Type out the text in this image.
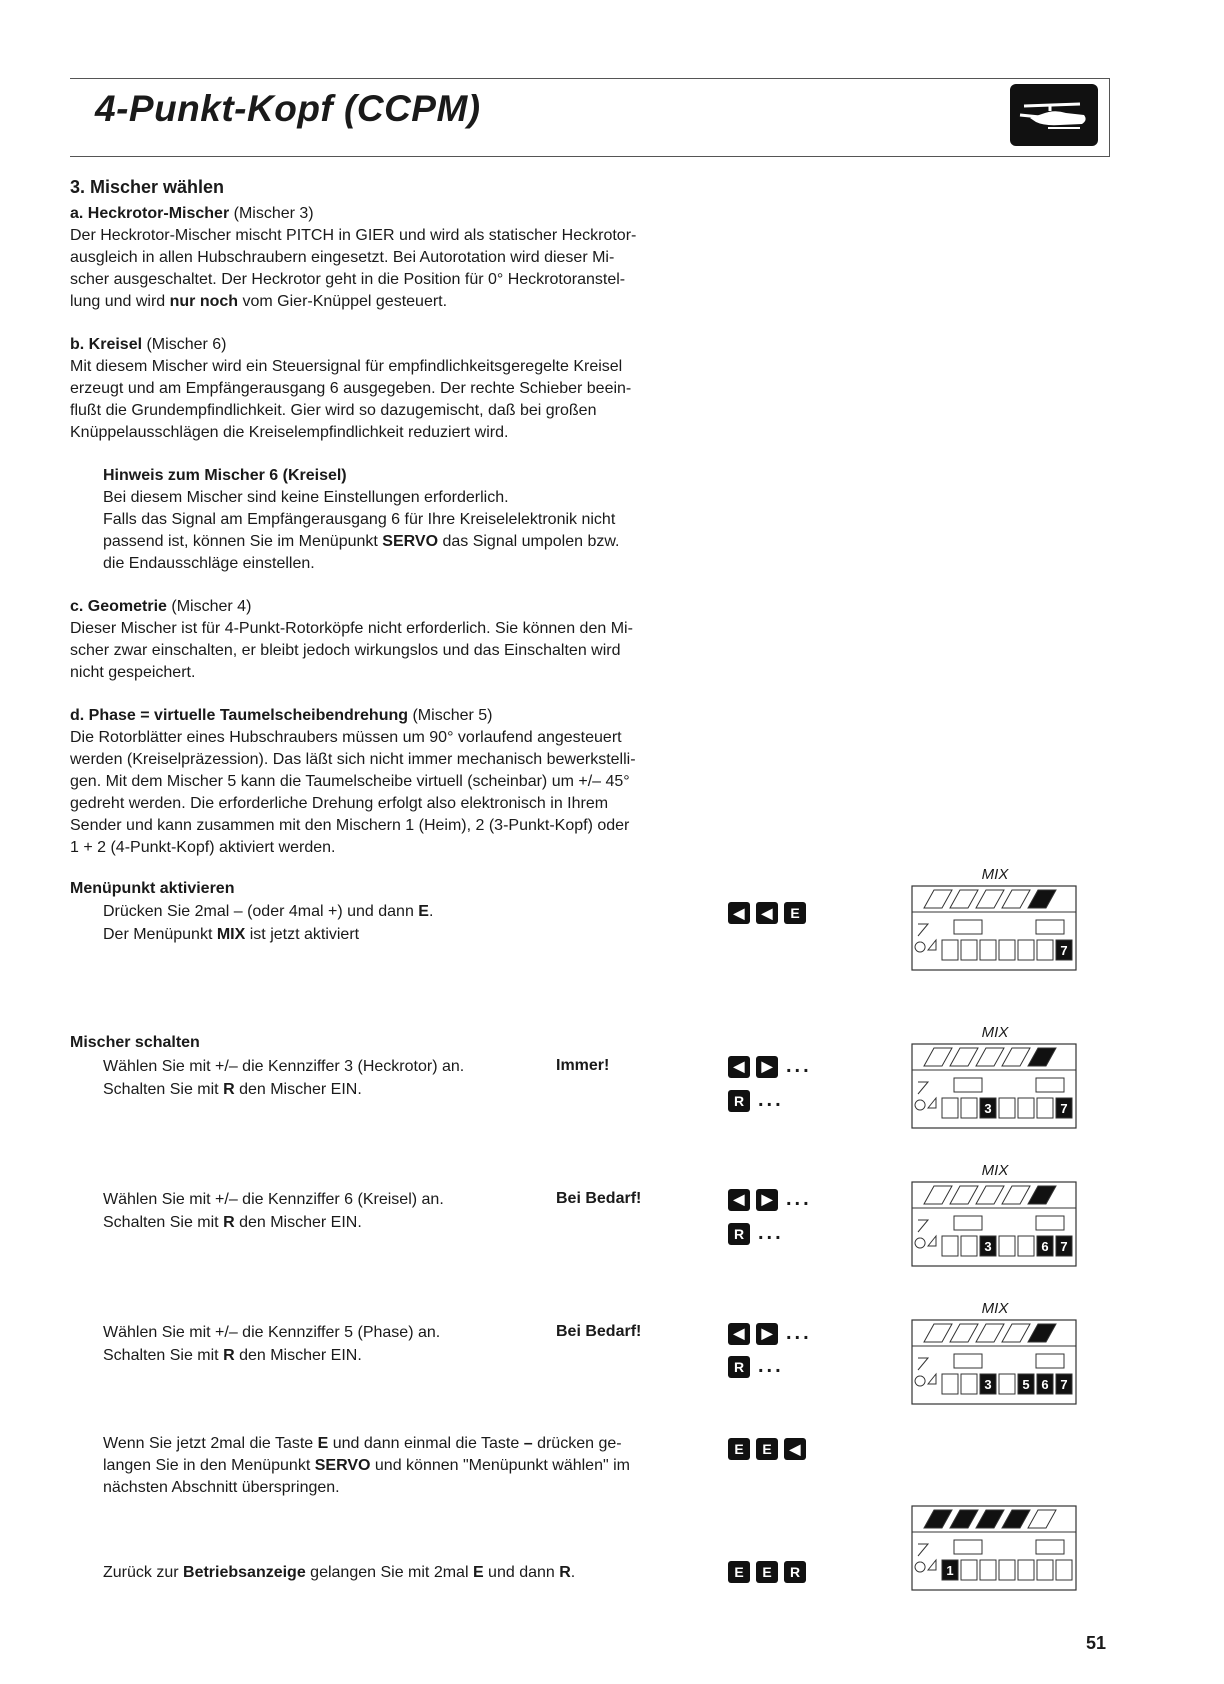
4-Punkt-Kopf (CCPM)
3. Mischer wählen

a. Heckrotor-Mischer (Mischer 3)

Der Heckrotor-Mischer mischt PITCH in GIER und wird als statischer Heckrotor-

ausgleich in allen Hubschraubern eingesetzt. Bei Autorotation wird dieser Mi-

scher ausgeschaltet. Der Heckrotor geht in die Position für 0° Heckrotoranstel-

lung und wird nur noch vom Gier-Knüppel gesteuert.

b. Kreisel (Mischer 6)

Mit diesem Mischer wird ein Steuersignal für empfindlichkeitsgeregelte Kreisel

erzeugt und am Empfängerausgang 6 ausgegeben. Der rechte Schieber beein-

flußt die Grundempfindlichkeit. Gier wird so dazugemischt, daß bei großen

Knüppelausschlägen die Kreiselempfindlichkeit reduziert wird.

Hinweis zum Mischer 6 (Kreisel)

Bei diesem Mischer sind keine Einstellungen erforderlich.

Falls das Signal am Empfängerausgang 6 für Ihre Kreiselelektronik nicht

passend ist, können Sie im Menüpunkt SERVO das Signal umpolen bzw.

die Endausschläge einstellen.

c. Geometrie (Mischer 4)

Dieser Mischer ist für 4-Punkt-Rotorköpfe nicht erforderlich. Sie können den Mi-

scher zwar einschalten, er bleibt jedoch wirkungslos und das Einschalten wird

nicht gespeichert.

d. Phase = virtuelle Taumelscheibendrehung (Mischer 5)

Die Rotorblätter eines Hubschraubers müssen um 90° vorlaufend angesteuert

werden (Kreiselpräzession). Das läßt sich nicht immer mechanisch bewerkstelli-

gen. Mit dem Mischer 5 kann die Taumelscheibe virtuell (scheinbar) um +/– 45°

gedreht werden. Die erforderliche Drehung erfolgt also elektronisch in Ihrem

Sender und kann zusammen mit den Mischern 1 (Heim), 2 (3-Punkt-Kopf) oder

1 + 2 (4-Punkt-Kopf) aktiviert werden.

Menüpunkt aktivieren
Drücken Sie 2mal – (oder 4mal +) und dann E.
Der Menüpunkt MIX ist jetzt aktiviert
◀	◀	E
Mischer schalten
Wählen Sie mit +/– die Kennziffer 3 (Heckrotor) an.
Schalten Sie mit R den Mischer EIN.
Immer!
Wählen Sie mit +/– die Kennziffer 6 (Kreisel) an.
Schalten Sie mit R den Mischer EIN.
Bei Bedarf!
Wählen Sie mit +/– die Kennziffer 5 (Phase) an.
Schalten Sie mit R den Mischer EIN.
Bei Bedarf!
◀	▶ ...
R ...
◀	▶ ...
R ...
◀	▶ ...
R ...

Wenn Sie jetzt 2mal die Taste E und dann einmal die Taste – drücken ge-

langen Sie in den Menüpunkt SERVO und können "Menüpunkt wählen" im

nächsten Abschnitt überspringen.

E	E	◀
Zurück zur Betriebsanzeige gelangen Sie mit 2mal E und dann R.	E	E	R
MIX
7
MIX
3	7
MIX
3	6 7
MIX
3 5 6 7
1
51
